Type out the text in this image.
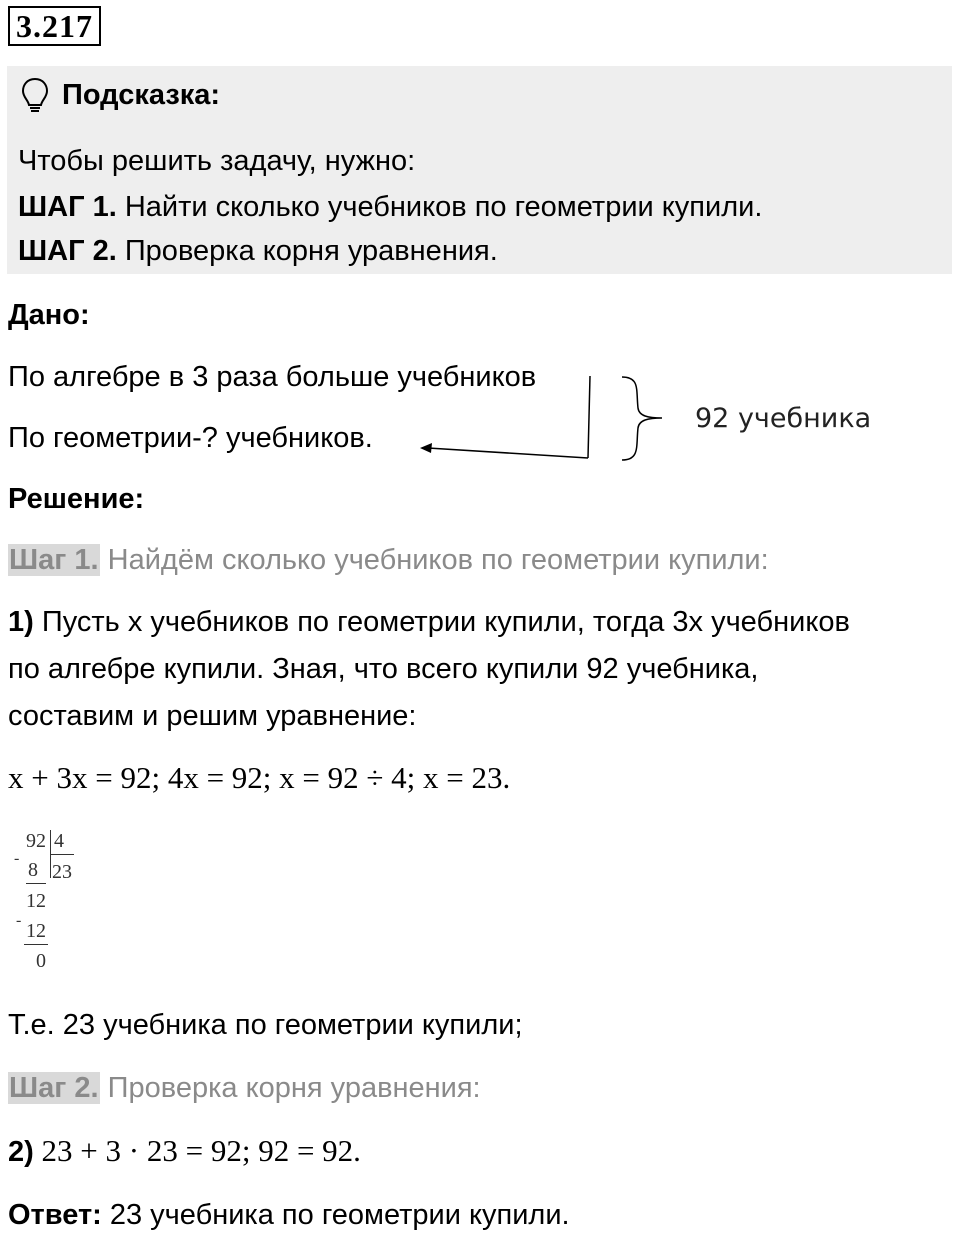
3.217
Подсказка:
Чтобы решить задачу, нужно:
ШАГ 1. Найти сколько учебников по геометрии купили.
ШАГ 2. Проверка корня уравнения.
Дано:
По алгебре в 3 раза больше учебников
По геометрии-? учебников.
92 учебника
Решение:
Шаг 1. Найдём сколько учебников по геометрии купили:
1) Пусть x учебников по геометрии купили, тогда 3x учебников
по алгебре купили. Зная, что всего купили 92 учебника,
составим и решим уравнение:
x + 3x = 92; 4x = 92; x = 92 ÷ 4; x = 23.
92 4
-
8 23
12
- 12
0
Т.е. 23 учебника по геометрии купили;
Шаг 2. Проверка корня уравнения:
2) 23 + 3 · 23 = 92; 92 = 92.
Ответ: 23 учебника по геометрии купили.
